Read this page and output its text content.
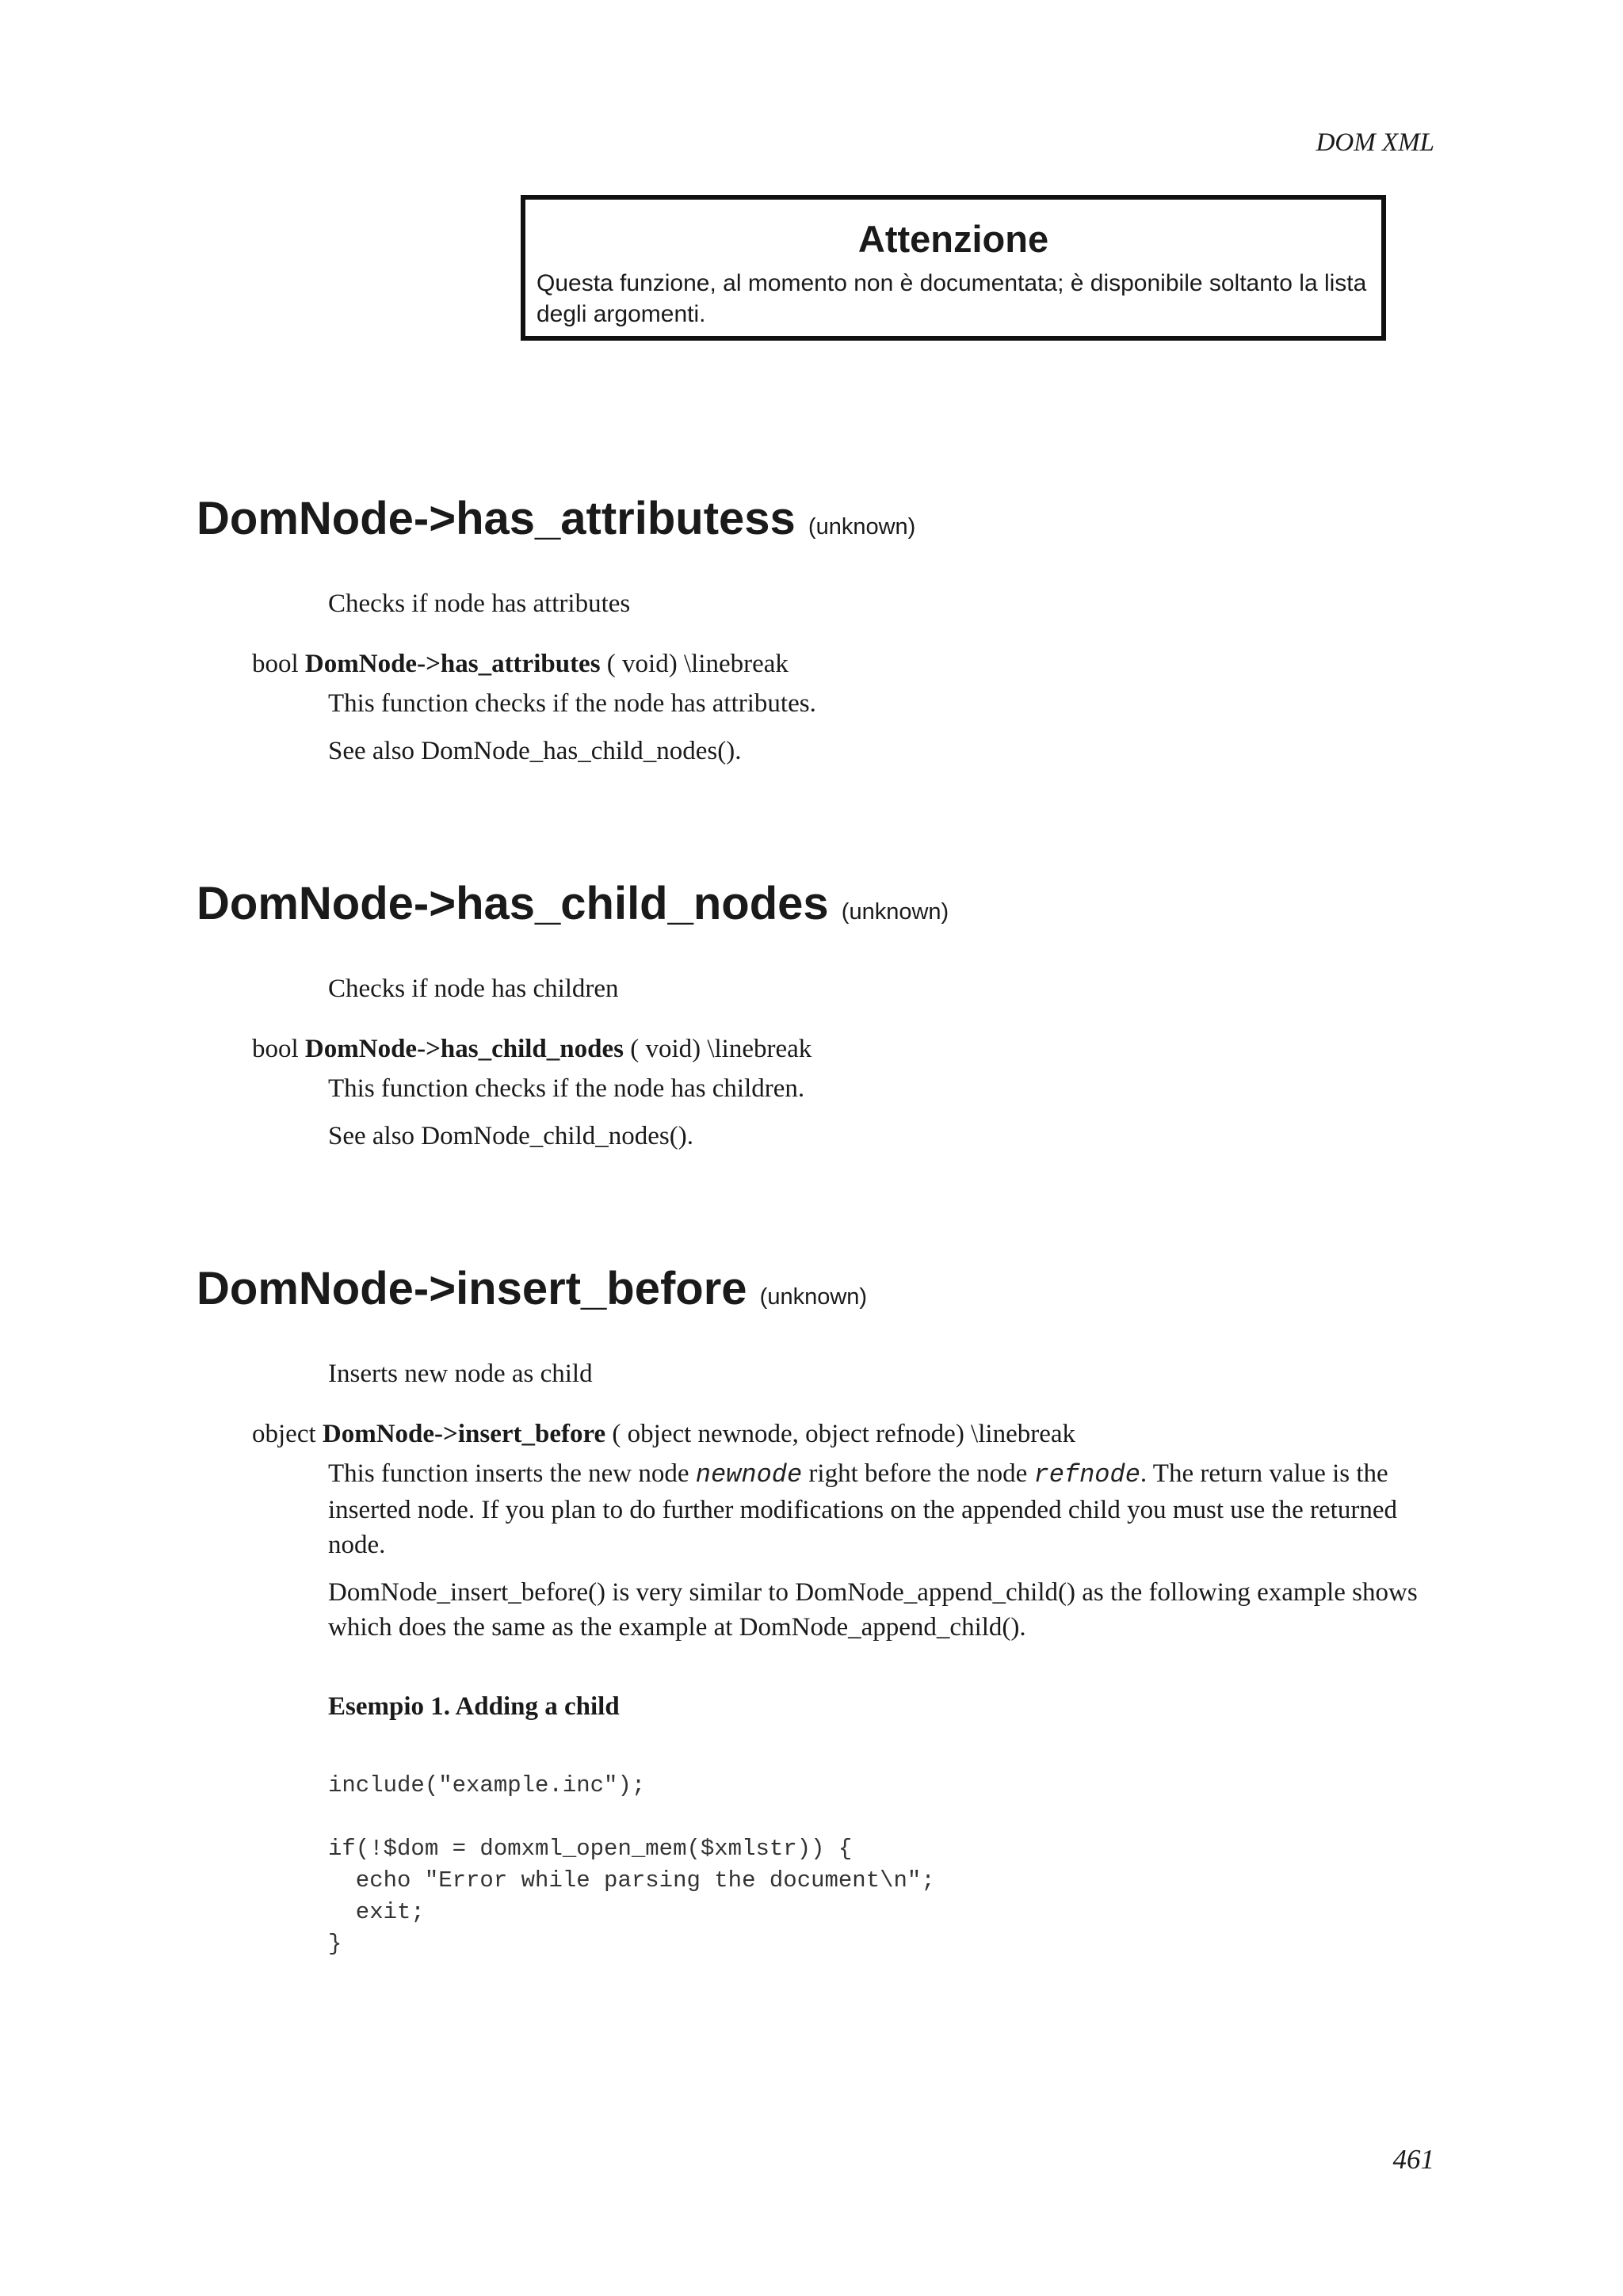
DOM XML
Attenzione
Questa funzione, al momento non è documentata; è disponibile soltanto la lista degli argomenti.
DomNode->has_attributess (unknown)
Checks if node has attributes
bool DomNode->has_attributes ( void) \linebreak
This function checks if the node has attributes.
See also DomNode_has_child_nodes().
DomNode->has_child_nodes (unknown)
Checks if node has children
bool DomNode->has_child_nodes ( void) \linebreak
This function checks if the node has children.
See also DomNode_child_nodes().
DomNode->insert_before (unknown)
Inserts new node as child
object DomNode->insert_before ( object newnode, object refnode) \linebreak
This function inserts the new node newnode right before the node refnode. The return value is the inserted node. If you plan to do further modifications on the appended child you must use the returned node.
DomNode_insert_before() is very similar to DomNode_append_child() as the following example shows which does the same as the example at DomNode_append_child().
Esempio 1. Adding a child
include("example.inc");
if(!$dom = domxml_open_mem($xmlstr)) {
echo "Error while parsing the document\n";
exit;
}
461
